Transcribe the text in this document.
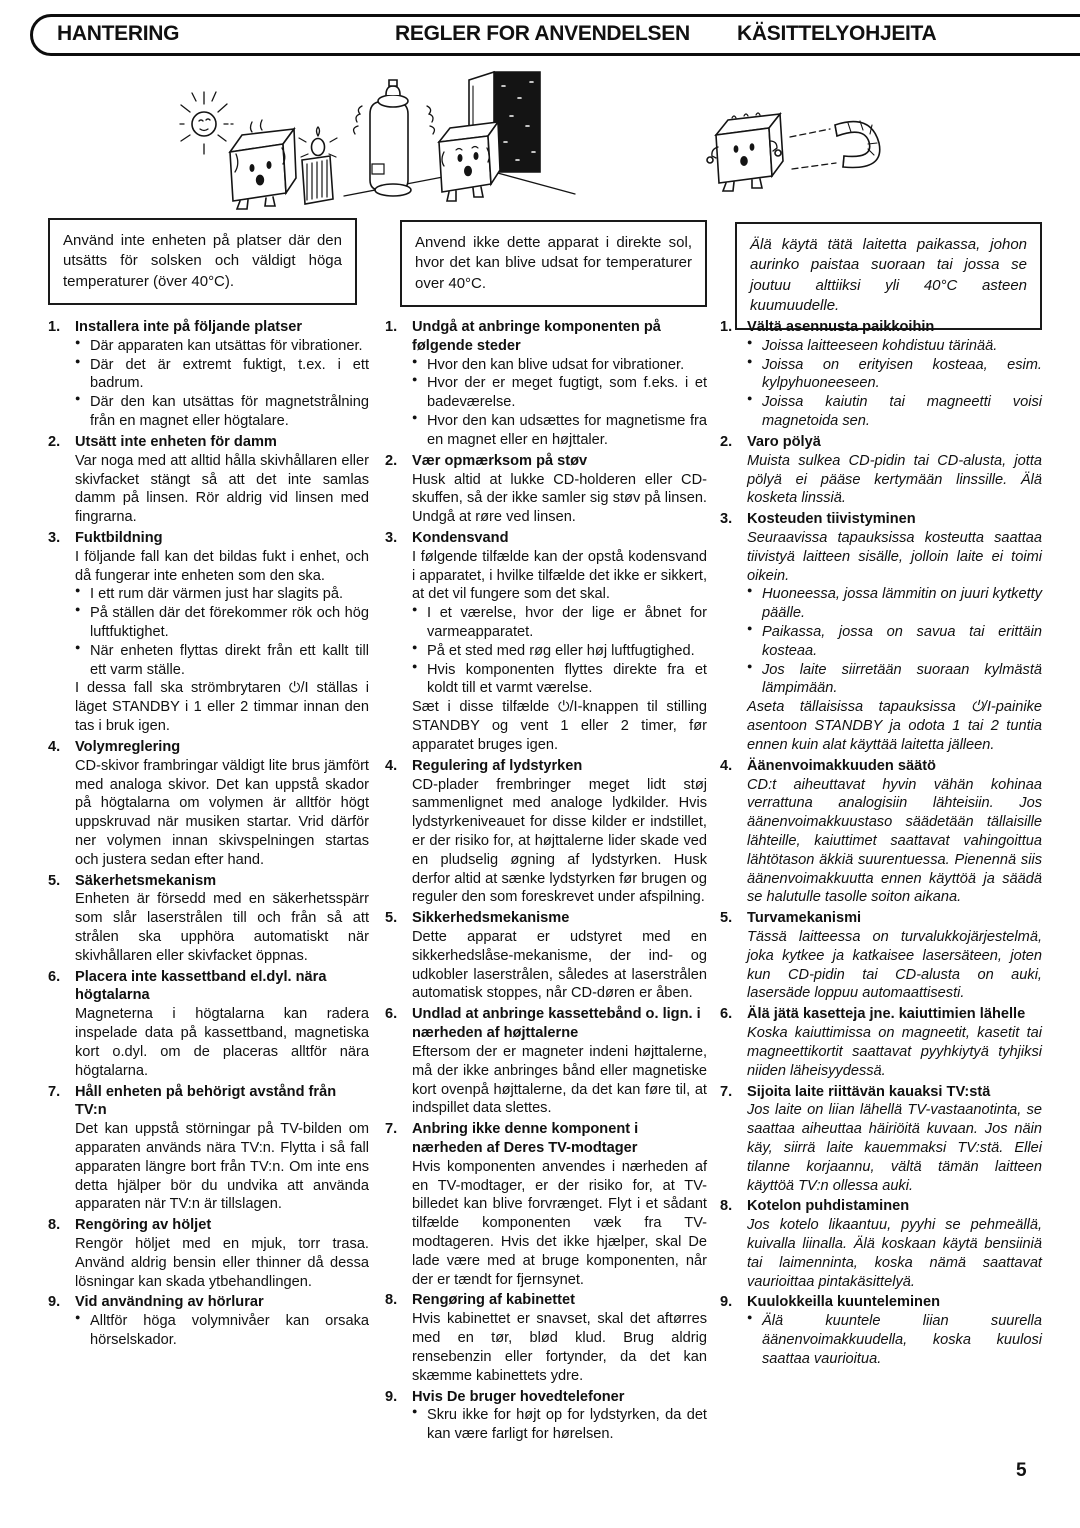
HANTERING	REGLER FOR ANVENDELSEN KÄSITTELYOHJEITA
Använd inte enheten på platser där den utsätts för solsken och väldigt höga temperaturer (över 40°C).
Anvend ikke dette apparat i direkte sol, hvor det kan blive udsat for temperaturer over 40°C.
Älä käytä tätä laitetta paikassa, johon aurinko paistaa suoraan tai jossa se joutuu alttiiksi yli 40°C asteen kuumuudelle.
1.	Installera inte på följande platser
● Där apparaten kan utsättas för vibrationer.
● Där det är extremt fuktigt, t.ex. i ett badrum.
● Där den kan utsättas för magnetstrålning från en magnet eller högtalare.
2.	Utsätt inte enheten för damm
Var noga med att alltid hålla skivhållaren eller skivfacket stängt så att det inte samlas damm på linsen. Rör aldrig vid linsen med fingrarna.
3.	Fuktbildning
I följande fall kan det bildas fukt i enhet, och då fungerar inte enheten som den ska.
● I ett rum där värmen just har slagits på.
● På ställen där det förekommer rök och hög luftfuktighet.
● När enheten flyttas direkt från ett kallt till ett varm ställe.
I dessa fall ska strömbrytaren ⏻/I ställas i läget STANDBY i 1 eller 2 timmar innan den tas i bruk igen.
4.	Volymreglering
CD-skivor frambringar väldigt lite brus jämfört med analoga skivor. Det kan uppstå skador på högtalarna om volymen är alltför högt uppskruvad när musiken startar. Vrid därför ner volymen innan skivspelningen startas och justera sedan efter hand.
5.	Säkerhetsmekanism
Enheten är försedd med en säkerhetsspärr som slår laserstrålen till och från så att strålen ska upphöra automatiskt när skivhållaren eller skivfacket öppnas.
6.	Placera inte kassettband el.dyl. nära högtalarna
Magneterna i högtalarna kan radera inspelade data på kassettband, magnetiska kort o.dyl. om de placeras alltför nära högtalarna.
7.	Håll enheten på behörigt avstånd från TV:n
Det kan uppstå störningar på TV-bilden om apparaten används nära TV:n. Flytta i så fall apparaten längre bort från TV:n. Om inte ens detta hjälper bör du undvika att använda apparaten när TV:n är tillslagen.
8.	Rengöring av höljet
Rengör höljet med en mjuk, torr trasa. Använd aldrig bensin eller thinner då dessa lösningar kan skada ytbehandlingen.
9.	Vid användning av hörlurar
● Alltför höga volymnivåer kan orsaka hörselskador.
1.	Undgå at anbringe komponenten på følgende steder
● Hvor den kan blive udsat for vibrationer.
● Hvor der er meget fugtigt, som f.eks. i et badeværelse.
● Hvor den kan udsættes for magnetisme fra en magnet eller en højttaler.
2.	Vær opmærksom på støv
Husk altid at lukke CD-holderen eller CD-skuffen, så der ikke samler sig støv på linsen. Undgå at røre ved linsen.
3.	Kondensvand
I følgende tilfælde kan der opstå kodensvand i apparatet, i hvilke tilfælde det ikke er sikkert, at det vil fungere som det skal.
● I et værelse, hvor der lige er åbnet for varmeapparatet.
● På et sted med røg eller høj luftfugtighed.
● Hvis komponenten flyttes direkte fra et koldt till et varmt værelse.
Sæt i disse tilfælde ⏻/I-knappen til stilling STANDBY og vent 1 eller 2 timer, før apparatet bruges igen.
4.	Regulering af lydstyrken
CD-plader frembringer meget lidt støj sammenlignet med analoge lydkilder. Hvis lydstyrkeniveauet for disse kilder er indstillet, er der risiko for, at højttalerne lider skade ved en pludselig øgning af lydstyrken. Husk derfor altid at sænke lydstyrken før brugen og reguler den som foreskrevet under afspilning.
5.	Sikkerhedsmekanisme
Dette apparat er udstyret med en sikkerhedslåse-mekanisme, der ind- og udkobler laserstrålen, således at laserstrålen automatisk stoppes, når CD-døren er åben.
6.	Undlad at anbringe kassettebånd o. lign. i nærheden af højttalerne
Eftersom der er magneter indeni højttalerne, må der ikke anbringes bånd eller magnetiske kort ovenpå højttalerne, da det kan føre til, at indspillet data slettes.
7.	Anbring ikke denne komponent i nærheden af Deres TV-modtager
Hvis komponenten anvendes i nærheden af en TV-modtager, er der risiko for, at TV-billedet kan blive forvrænget. Flyt i et sådant tilfælde komponenten væk fra TV-modtageren. Hvis det ikke hjælper, skal De lade være med at bruge komponenten, når der er tændt for fjernsynet.
8.	Rengøring af kabinettet
Hvis kabinettet er snavset, skal det aftørres med en tør, blød klud. Brug aldrig rensebenzin eller fortynder, da det kan skæmme kabinettets ydre.
9.	Hvis De bruger hovedtelefoner
● Skru ikke for højt op for lydstyrken, da det kan være farligt for hørelsen.
1.	Vältä asennusta paikkoihin
● Joissa laitteeseen kohdistuu tärinää.
● Joissa on erityisen kosteaa, esim. kylpyhuoneeseen.
● Joissa kaiutin tai magneetti voisi magnetoida sen.
2.	Varo pölyä
Muista sulkea CD-pidin tai CD-alusta, jotta pölyä ei pääse kertymään linssille. Älä kosketa linssiä.
3.	Kosteuden tiivistyminen
Seuraavissa tapauksissa kosteutta saattaa tiivistyä laitteen sisälle, jolloin laite ei toimi oikein.
● Huoneessa, jossa lämmitin on juuri kytketty päälle.
● Paikassa, jossa on savua tai erittäin kosteaa.
● Jos laite siirretään suoraan kylmästä lämpimään.
Aseta tällaisissa tapauksissa ⏻/I-painike asentoon STANDBY ja odota 1 tai 2 tuntia ennen kuin alat käyttää laitetta jälleen.
4.	Äänenvoimakkuuden säätö
CD:t aiheuttavat hyvin vähän kohinaa verrattuna analogisiin lähteisiin. Jos äänenvoimakkuustaso säädetään tällaisille lähteille, kaiuttimet saattavat vahingoittua lähtötason äkkiä suurentuessa. Pienennä siis äänenvoimakkuutta ennen käyttöä ja säädä se halutulle tasolle soiton aikana.
5.	Turvamekanismi
Tässä laitteessa on turvalukkojärjestelmä, joka kytkee ja katkaisee lasersäteen, joten kun CD-pidin tai CD-alusta on auki, lasersäde loppuu automaattisesti.
6.	Älä jätä kasetteja jne. kaiuttimien lähelle
Koska kaiuttimissa on magneetit, kasetit tai magneettikortit saattavat pyyhkiytyä tyhjiksi niiden läheisyydessä.
7.	Sijoita laite riittävän kauaksi TV:stä
Jos laite on liian lähellä TV-vastaanotinta, se saattaa aiheuttaa häiriöitä kuvaan. Jos näin käy, siirrä laite kauemmaksi TV:stä. Ellei tilanne korjaannu, vältä tämän laitteen käyttöä TV:n ollessa auki.
8.	Kotelon puhdistaminen
Jos kotelo likaantuu, pyyhi se pehmeällä, kuivalla liinalla. Älä koskaan käytä bensiiniä tai laimenninta, koska nämä saattavat vaurioittaa pintakäsittelyä.
9.	Kuulokkeilla kuunteleminen
● Älä kuuntele liian suurella äänenvoimakkuudella, koska kuulosi saattaa vaurioitua.
5
